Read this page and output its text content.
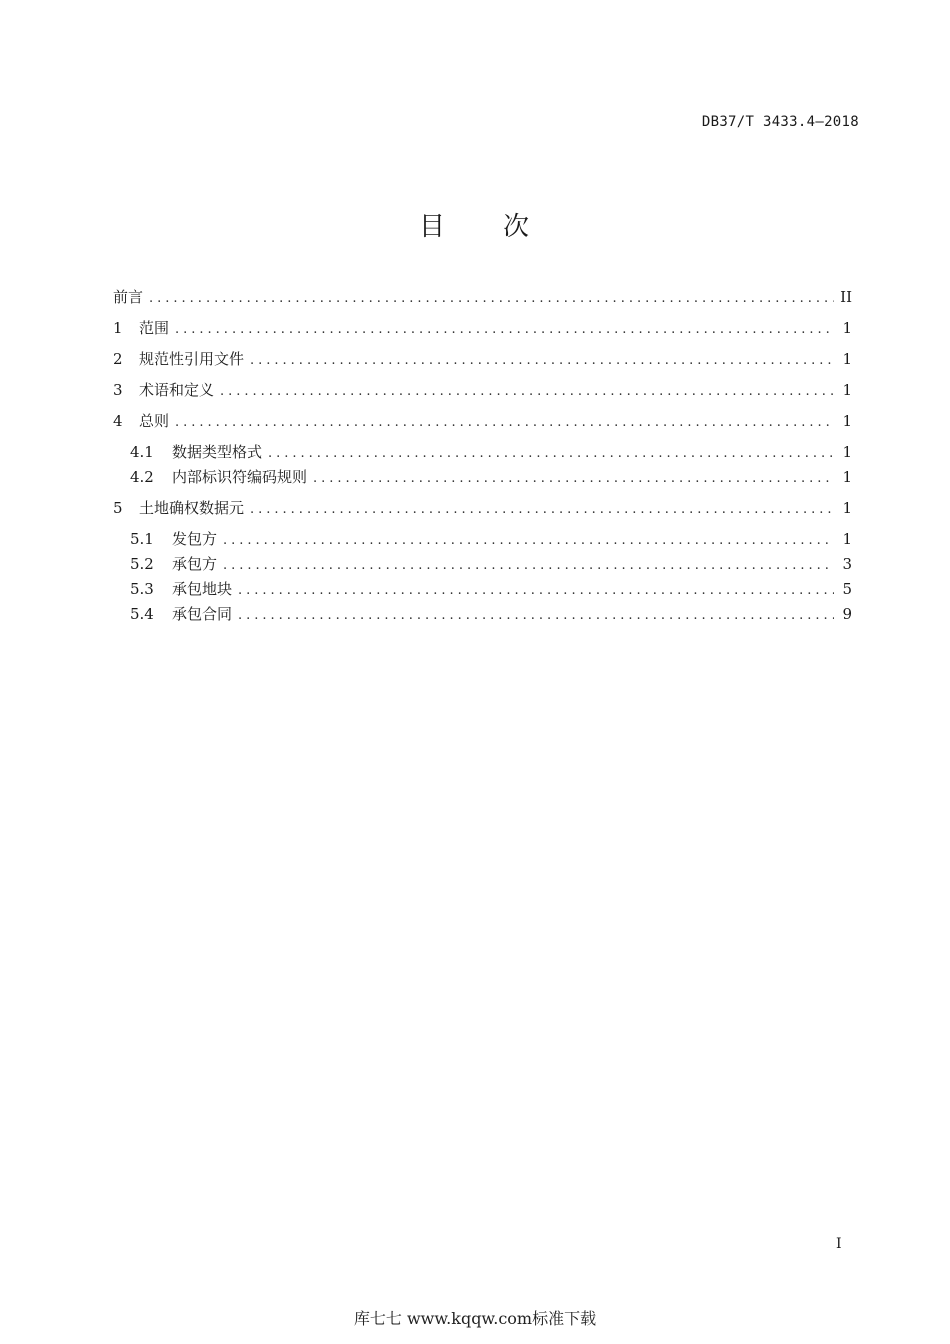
DB37/T 3433.4—2018
目　　次
前言 .....	II
1	范围 .....	1
2	规范性引用文件 .....	1
3	术语和定义 .....	1
4	总则 .....	1
4.1	数据类型格式 .....	1
4.2	内部标识符编码规则 .....	1
5	土地确权数据元 .....	1
5.1	发包方 .....	1
5.2	承包方 .....	3
5.3	承包地块 .....	5
5.4	承包合同 .....	9
I
库七七 www.kqqw.com标准下载
